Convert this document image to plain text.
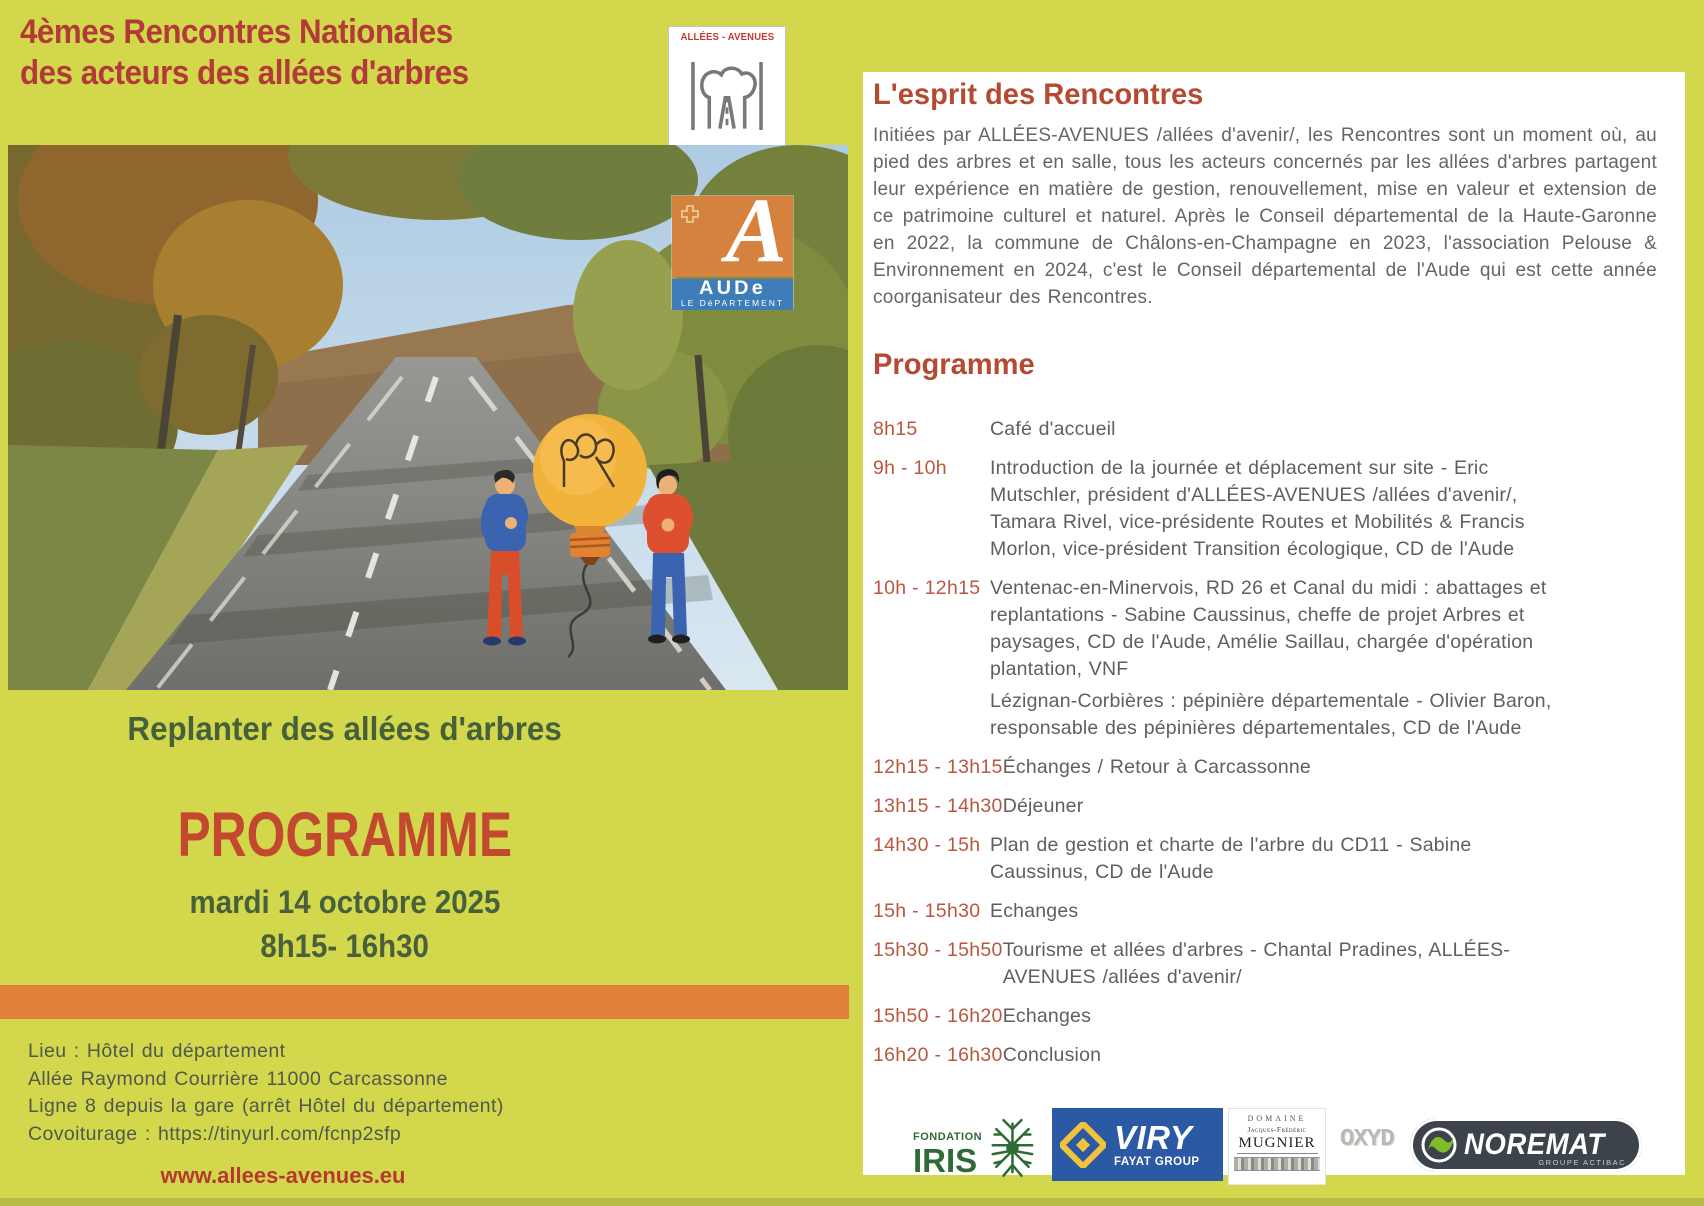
4èmes Rencontres Nationales
des acteurs des allées d'arbres
ALLÉES - AVENUES
A
AUDe
LE DéPARTEMENT
Replanter des allées d'arbres
PROGRAMME
mardi 14 octobre 2025
8h15- 16h30
Lieu : Hôtel du département
Allée Raymond Courrière 11000 Carcassonne
Ligne 8 depuis la gare (arrêt Hôtel du département)
Covoiturage : https://tinyurl.com/fcnp2sfp
www.allees-avenues.eu
L'esprit des Rencontres
Initiées par ALLÉES-AVENUES /allées d'avenir/, les Rencontres sont un moment où, au pied des arbres et en salle, tous les acteurs concernés par les allées d'arbres partagent leur expérience en matière de gestion, renouvellement, mise en valeur et extension de ce patrimoine culturel et naturel. Après le Conseil départemental de la Haute-Garonne en 2022, la commune de Châlons-en-Champagne en 2023, l'association Pelouse & Environnement en 2024, c'est le Conseil départemental de l'Aude qui est cette année coorganisateur des Rencontres.
Programme
8h15	Café d'accueil

9h - 10h	Introduction de la journée et déplacement sur site - Eric Mutschler, président d'ALLÉES-AVENUES /allées d'avenir/, Tamara Rivel, vice-présidente Routes et Mobilités & Francis Morlon, vice-président Transition écologique, CD de l'Aude

10h - 12h15 Ventenac-en-Minervois, RD 26 et Canal du midi : abattages et replantations - Sabine Caussinus, cheffe de projet Arbres et paysages, CD de l'Aude, Amélie Saillau, chargée d'opération plantation, VNF

Lézignan-Corbières : pépinière départementale - Olivier Baron, responsable des pépinières départementales, CD de l'Aude

12h15 - 13h15 Échanges / Retour à Carcassonne

13h15 - 14h30 Déjeuner

14h30 - 15h Plan de gestion et charte de l'arbre du CD11 - Sabine Caussinus, CD de l'Aude

15h - 15h30 Echanges

15h30 - 15h50 Tourisme et allées d'arbres - Chantal Pradines, ALLÉES-AVENUES /allées d'avenir/

15h50 - 16h20 Echanges

16h20 - 16h30 Conclusion

FONDATION
IRIS
VIRY
FAYAT GROUP
DOMAINE
Jacques-Frédéric
MUGNIER	OXYD NOREMAT
GROUPE ACTIBAC
